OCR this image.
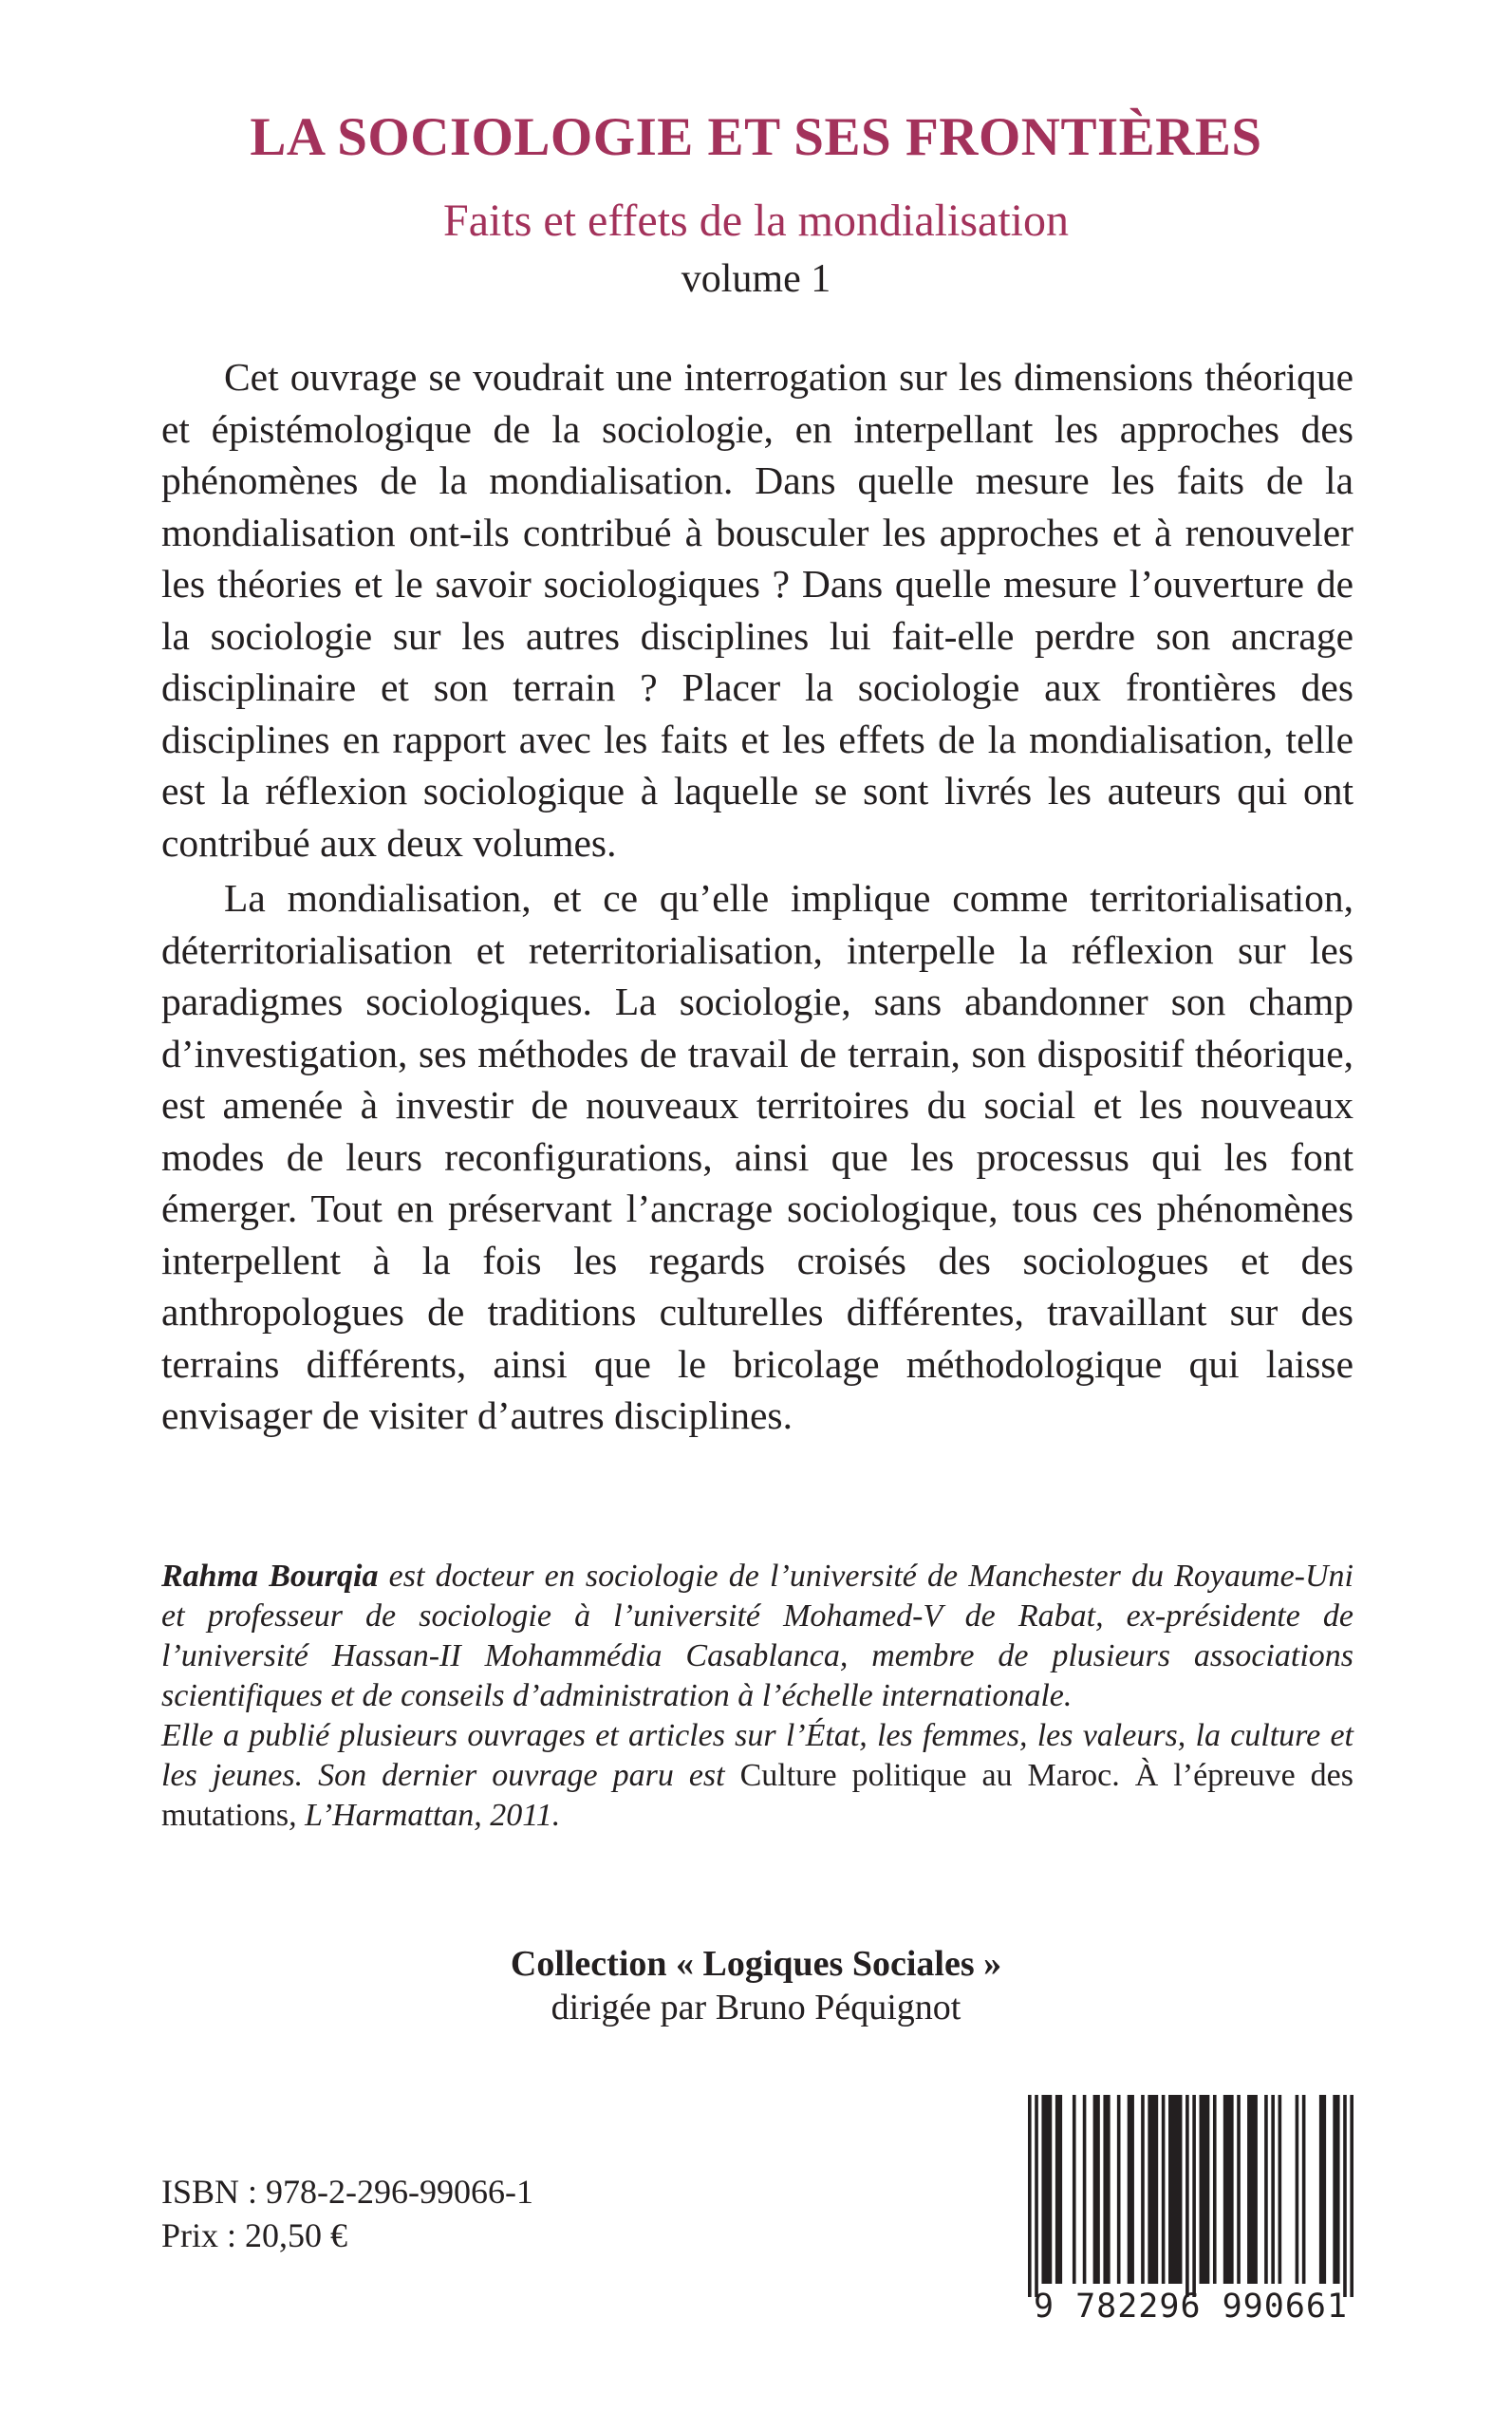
LA SOCIOLOGIE ET SES FRONTIÈRES
Faits et effets de la mondialisation
volume 1

Cet ouvrage se voudrait une interrogation sur les dimensions théorique et épistémologique de la sociologie, en interpellant les approches des phénomènes de la mondialisation. Dans quelle mesure les faits de la mondialisation ont-ils contribué à bousculer les approches et à renouveler les théories et le savoir sociologiques ? Dans quelle mesure l’ouverture de la sociologie sur les autres disciplines lui fait-elle perdre son ancrage disciplinaire et son terrain ? Placer la sociologie aux frontières des disciplines en rapport avec les faits et les effets de la mondialisation, telle est la réflexion sociologique à laquelle se sont livrés les auteurs qui ont contribué aux deux volumes.

La mondialisation, et ce qu’elle implique comme territorialisation, déterritorialisation et reterritorialisation, interpelle la réflexion sur les paradigmes sociologiques. La sociologie, sans abandonner son champ d’investigation, ses méthodes de travail de terrain, son dispositif théorique, est amenée à investir de nouveaux territoires du social et les nouveaux modes de leurs reconfigurations, ainsi que les processus qui les font émerger. Tout en préservant l’ancrage sociologique, tous ces phénomènes interpellent à la fois les regards croisés des sociologues et des anthropologues de traditions culturelles différentes, travaillant sur des terrains différents, ainsi que le bricolage méthodologique qui laisse envisager de visiter d’autres disciplines.

Rahma Bourqia est docteur en sociologie de l’université de Manchester du Royaume-Uni et professeur de sociologie à l’université Mohamed-V de Rabat, ex-présidente de l’université Hassan-II Mohammédia Casablanca, membre de plusieurs associations scientifiques et de conseils d’administration à l’échelle internationale.

Elle a publié plusieurs ouvrages et articles sur l’État, les femmes, les valeurs, la culture et les jeunes. Son dernier ouvrage paru est Culture politique au Maroc. À l’épreuve des mutations, L’Harmattan, 2011.

Collection « Logiques Sociales »
dirigée par Bruno Péquignot
ISBN : 978-2-296-99066-1
Prix : 20,50 €
9 782296 990661
